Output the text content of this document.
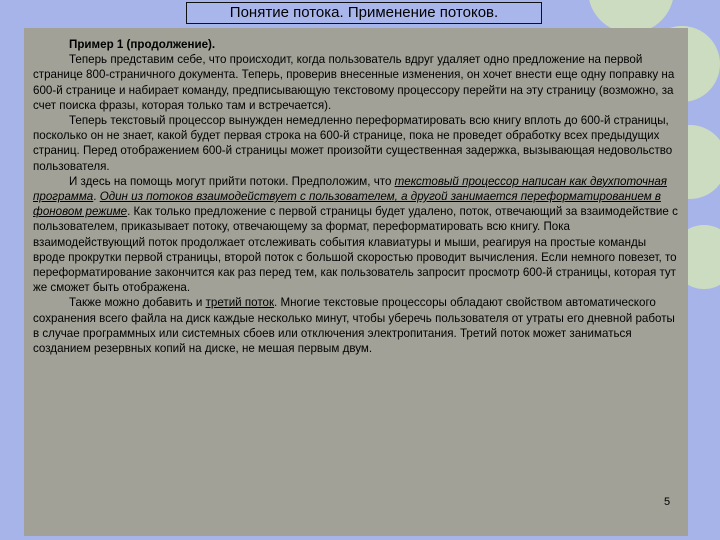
Понятие потока. Применение потоков.

Пример 1 (продолжение).

Теперь представим себе, что происходит, когда пользователь вдруг удаляет одно предложение на первой странице 800-страничного документа. Теперь, проверив внесенные изменения, он хочет внести еще одну поправку на 600-й странице и набирает команду, предписывающую текстовому процессору перейти на эту страницу (возможно, за счет поиска фразы, которая только там и встречается).

Теперь текстовый процессор вынужден немедленно переформатировать всю книгу вплоть до 600-й страницы, посколько он не знает, какой будет первая строка на 600-й странице, пока не проведет обработку всех предыдущих страниц. Перед отображением 600-й страницы может произойти существенная задержка, вызывающая недовольство пользователя.

И здесь на помощь могут прийти потоки. Предположим, что текстовый процессор написан как двухпоточная программа. Один из потоков взаимодействует с пользователем, а другой занимается переформатированием в фоновом режиме. Как только предложение с первой страницы будет удалено, поток, отвечающий за взаимодействие с пользователем, приказывает потоку, отвечающему за формат, переформатировать всю книгу. Пока взаимодействующий поток продолжает отслеживать события клавиатуры и мыши, реагируя на простые команды вроде прокрутки первой страницы, второй поток с большой скоростью проводит вычисления. Если немного повезет, то переформатирование закончится как раз перед тем, как пользователь запросит просмотр 600-й страницы, которая тут же сможет быть отображена.

Также можно добавить и третий поток. Многие текстовые процессоры обладают свойством автоматического сохранения всего файла на диск каждые несколько минут, чтобы уберечь пользователя от утраты его дневной работы в случае программных или системных сбоев или отключения электропитания. Третий поток может заниматься созданием резервных копий на диске, не мешая первым двум.

5
